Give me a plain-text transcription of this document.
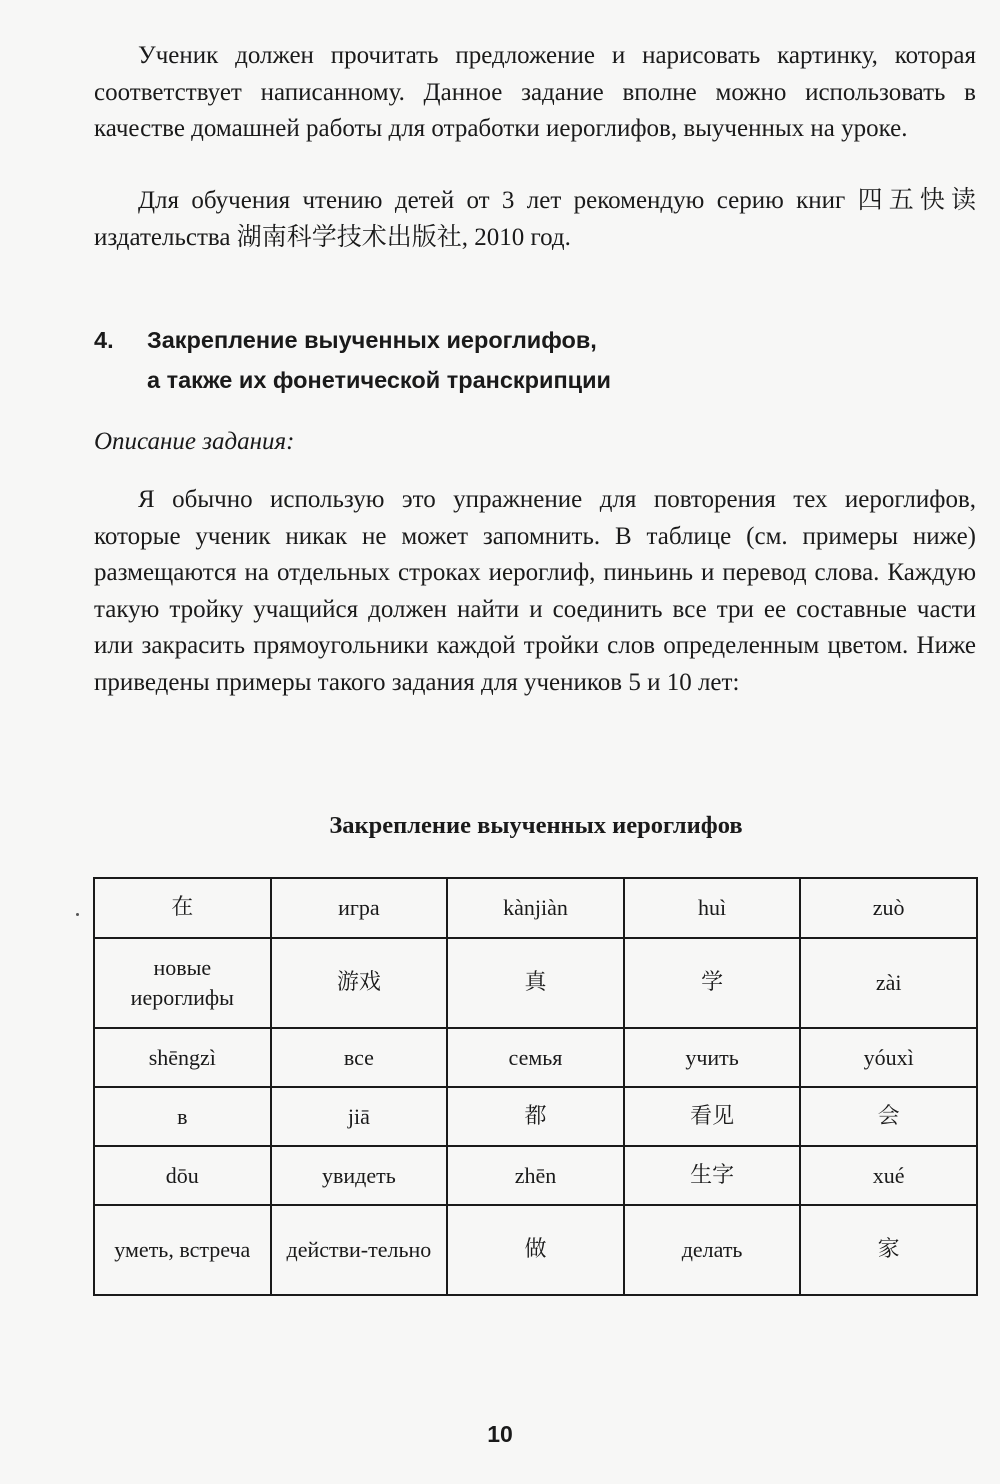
Ученик должен прочитать предложение и нарисовать картинку, которая соответствует написанному. Данное задание вполне можно использовать в качестве домашней работы для отработки иероглифов, выученных на уроке.

Для обучения чтению детей от 3 лет рекомендую серию книг 四五快读 издательства 湖南科学技术出版社, 2010 год.

4. Закрепление выученных иероглифов,
а также их фонетической транскрипции
Описание задания:

Я обычно использую это упражнение для повторения тех иероглифов, которые ученик никак не может запомнить. В таблице (см. примеры ниже) размещаются на отдельных строках иероглиф, пиньинь и перевод слова. Каждую такую тройку учащийся должен найти и соединить все три ее составные части или закрасить прямоугольники каждой тройки слов определенным цветом. Ниже приведены примеры такого задания для учеников 5 и 10 лет:

Закрепление выученных иероглифов
在	игра	kànjiàn	huì	zuò
новые иероглифы	游戏	真	学	zài
shēngzì	все	семья	учить	yóuxì
в	jiā	都	看见	会
dōu	увидеть	zhēn	生字	xué
уметь, встреча	действи-тельно	做	делать	家
10
